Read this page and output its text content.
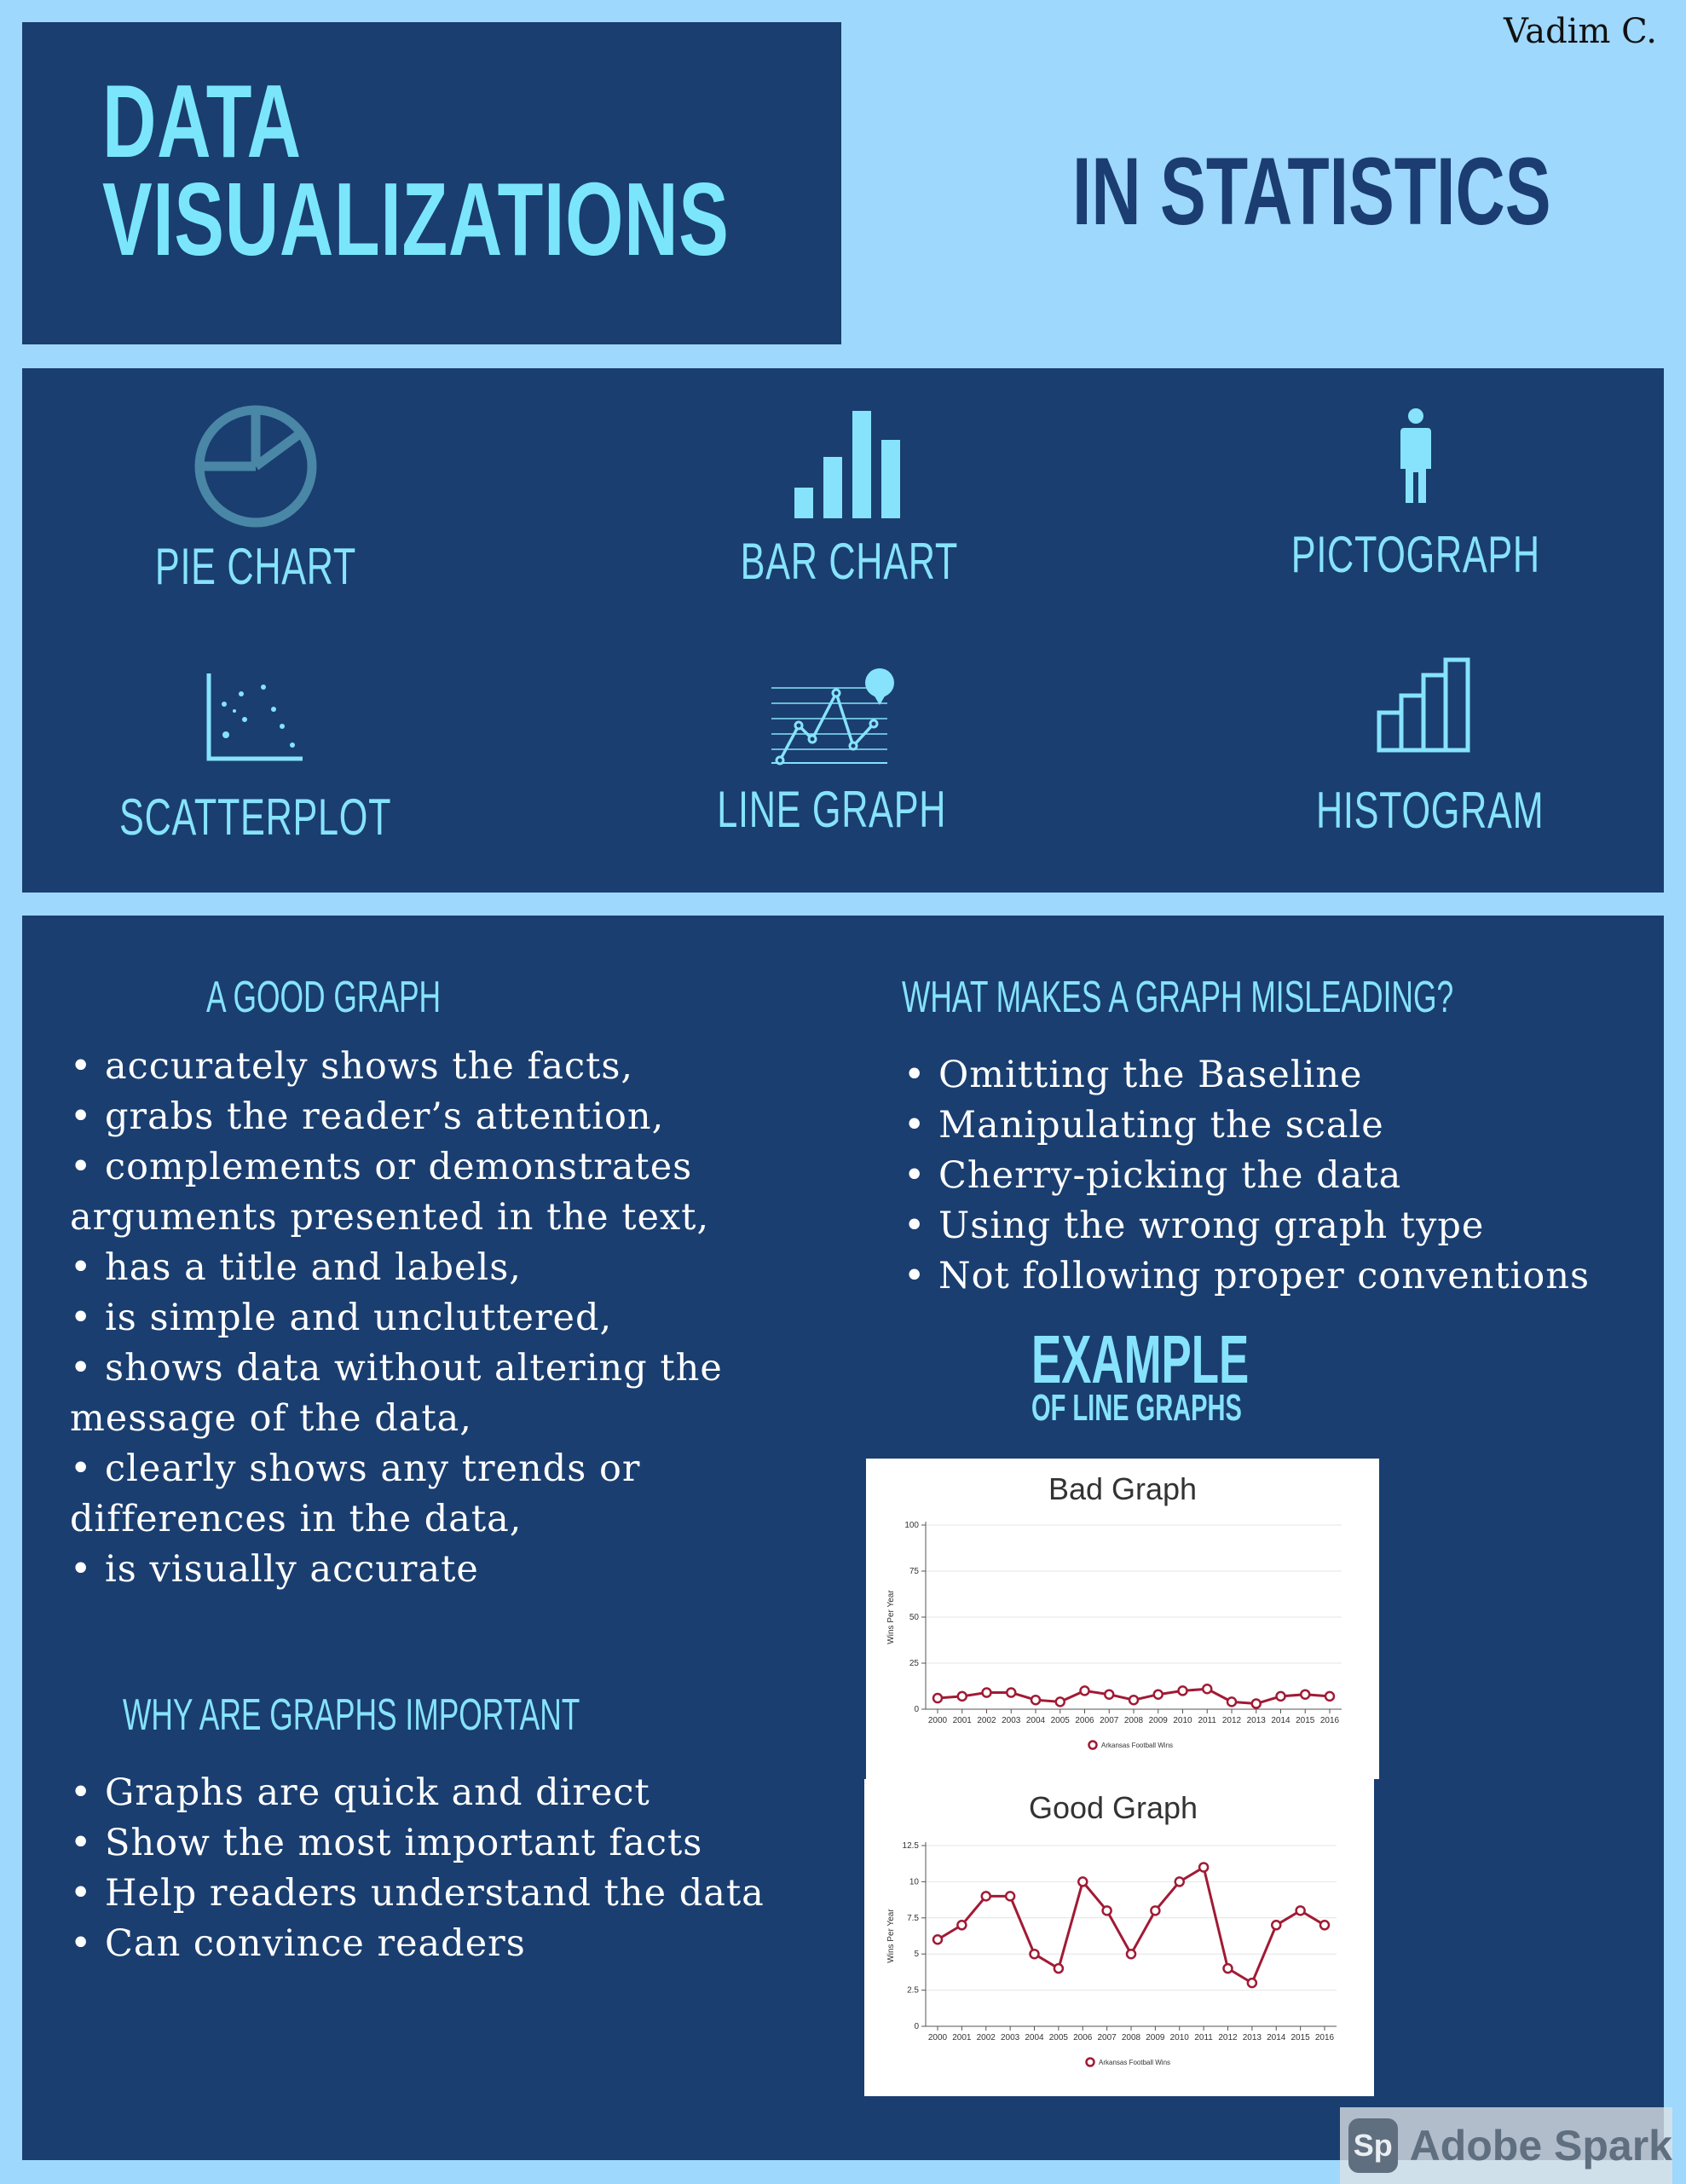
Vadim C.
DATA
VISUALIZATIONS	IN STATISTICS
PIE CHART	BAR CHART	PICTOGRAPH
SCATTERPLOT	LINE GRAPH	HISTOGRAM
A GOOD GRAPH
• accurately shows the facts,
• grabs the reader’s attention,
• complements or demonstrates
arguments presented in the text,
• has a title and labels,
• is simple and uncluttered,
• shows data without altering the
message of the data,
• clearly shows any trends or
differences in the data,
• is visually accurate
WHAT MAKES A GRAPH MISLEADING?
• Omitting the Baseline
• Manipulating the scale
• Cherry-picking the data
• Using the wrong graph type
• Not following proper conventions
WHY ARE GRAPHS IMPORTANT
• Graphs are quick and direct
• Show the most important facts
• Help readers understand the data
• Can convince readers
EXAMPLE
OF LINE GRAPHS
Bad Graph
0
25
50
75
100
Wins Per Year
2000 2001 2002 2003 2004 2005 2006 2007 2008 2009 2010 2011 2012 2013 2014 2015 2016
Arkansas Football Wins
Good Graph
0
2.5
5
7.5
10
12.5
Wins Per Year
2000 2001 2002 2003 2004 2005 2006 2007 2008 2009 2010 2011 2012 2013 2014 2015 2016
Arkansas Football Wins
Sp Adobe Spark
